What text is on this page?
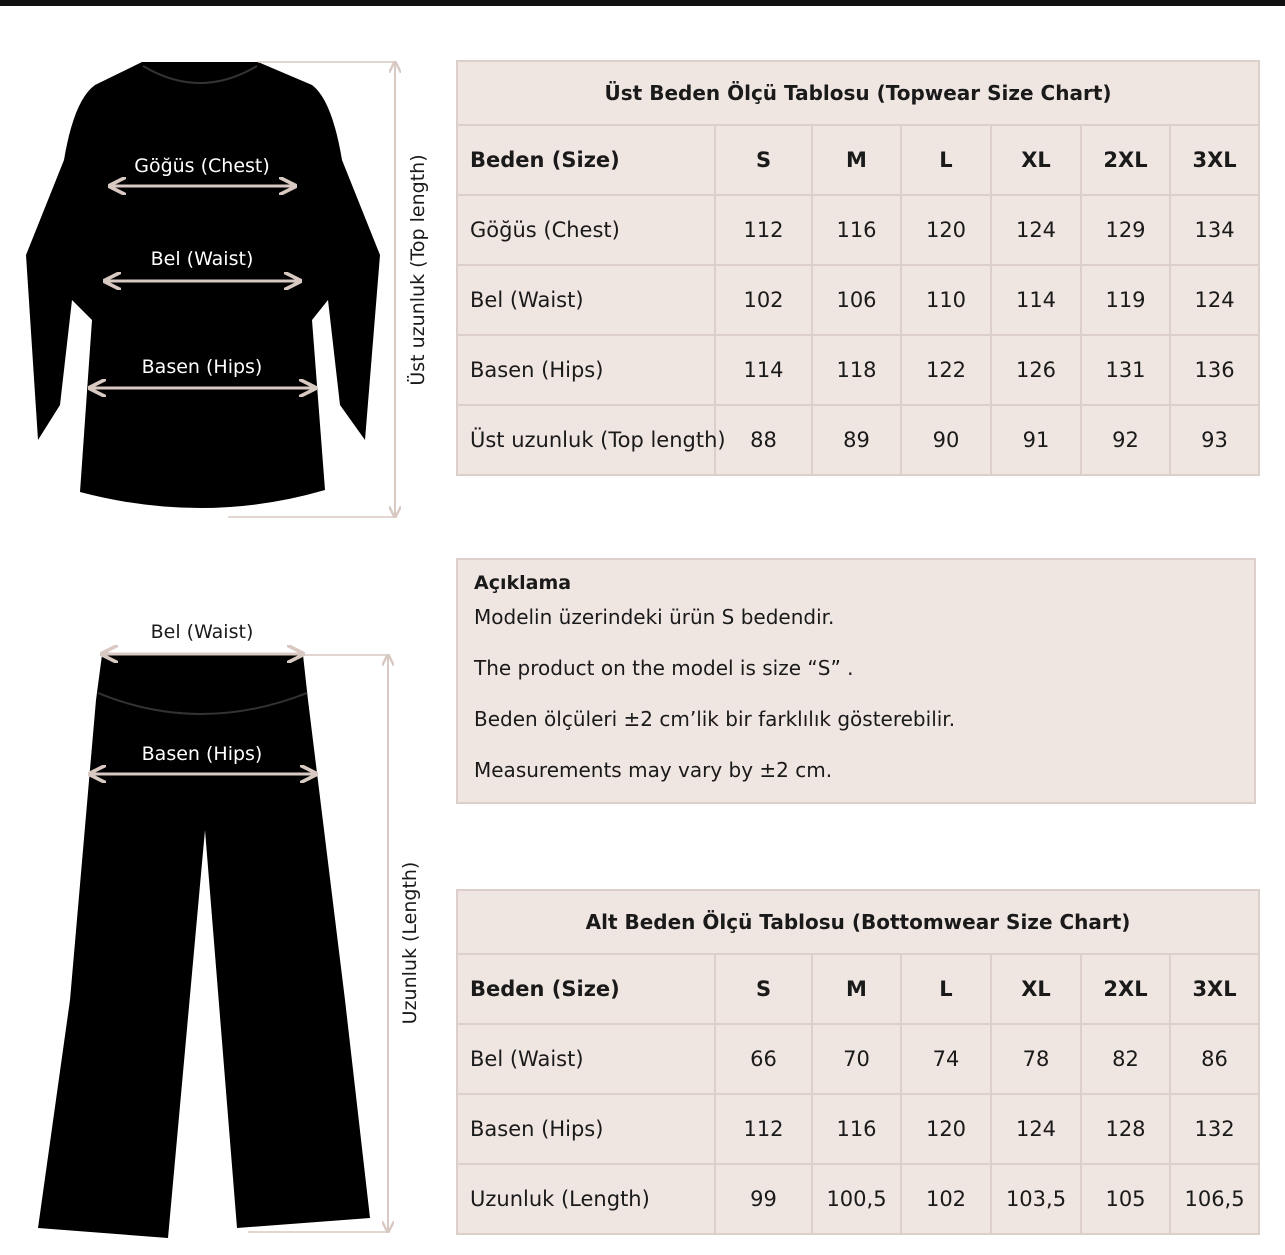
Göğüs (Chest)
Bel (Waist)
Basen (Hips)	Üst uzunluk (Top length)
Bel (Waist)
Basen (Hips)
Uzunluk (Length)
Üst Beden Ölçü Tablosu (Topwear Size Chart)						
Beden (Size)	S	M	L	XL	2XL	3XL
Göğüs (Chest)	112	116	120	124	129	134
Bel (Waist)	102	106	110	114	119	124
Basen (Hips)	114	118	122	126	131	136
Üst uzunluk (Top length)	88	89	90	91	92	93
Açıklama
Modelin üzerindeki ürün S bedendir.
The product on the model is size “S” .
Beden ölçüleri ±2 cm’lik bir farklılık gösterebilir.
Measurements may vary by ±2 cm.
Alt Beden Ölçü Tablosu (Bottomwear Size Chart)						
Beden (Size)	S	M	L	XL	2XL	3XL
Bel (Waist)	66	70	74	78	82	86
Basen (Hips)	112	116	120	124	128	132
Uzunluk (Length)	99	100,5	102	103,5	105	106,5
